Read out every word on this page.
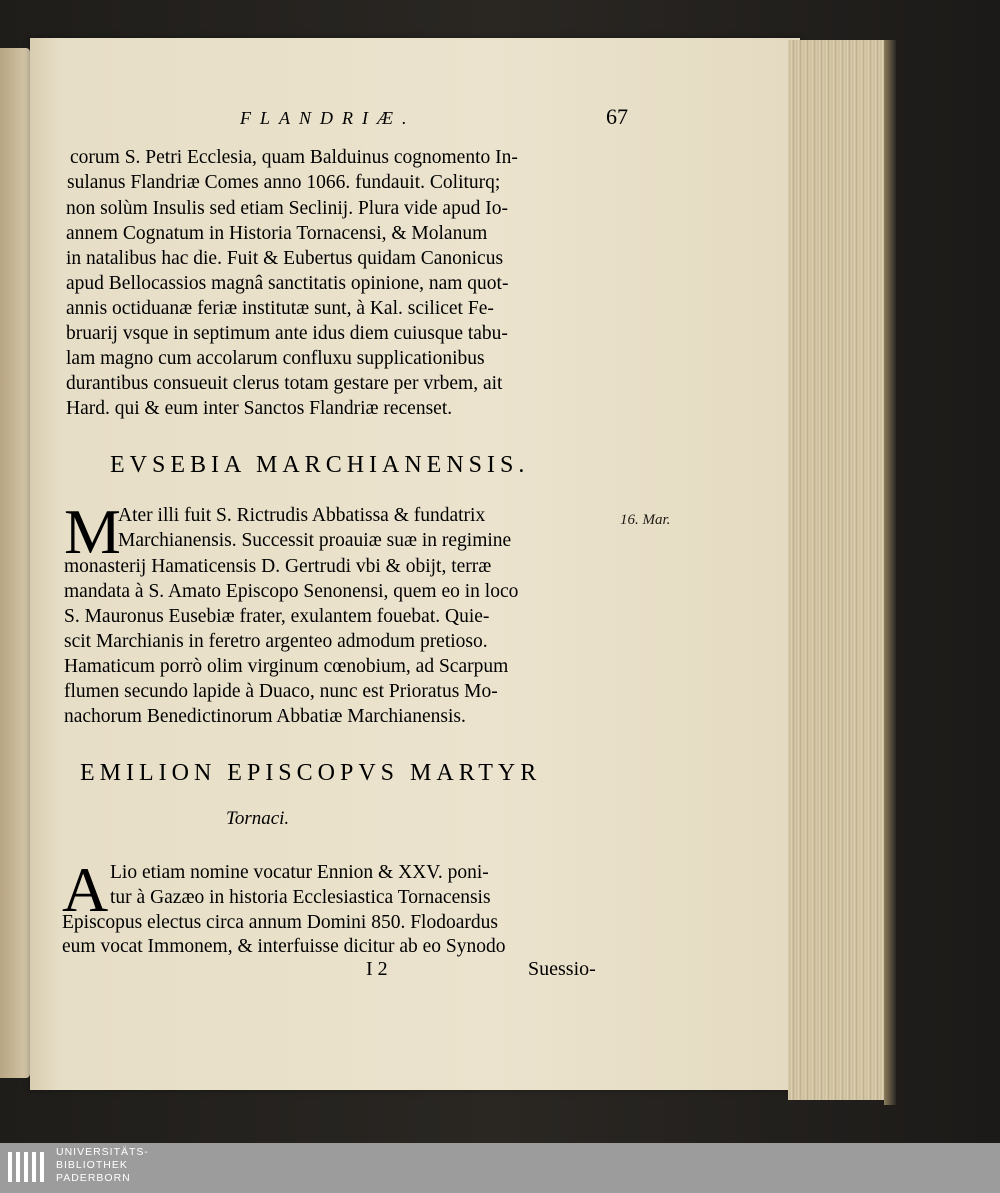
FLANDRIÆ.	67
corum S. Petri Ecclesia, quam Balduinus cognomento In-
sulanus Flandriæ Comes anno 1066. fundauit. Coliturq;
non solùm Insulis sed etiam Seclinij. Plura vide apud Io-
annem Cognatum in Historia Tornacensi, & Molanum
in natalibus hac die. Fuit & Eubertus quidam Canonicus
apud Bellocassios magnâ sanctitatis opinione, nam quot-
annis octiduanæ feriæ institutæ sunt, à Kal. scilicet Fe-
bruarij vsque in septimum ante idus diem cuiusque tabu-
lam magno cum accolarum confluxu supplicationibus
durantibus consueuit clerus totam gestare per vrbem, ait
Hard. qui & eum inter Sanctos Flandriæ recenset.
EVSEBIA MARCHIANENSIS.
M
Ater illi fuit S. Rictrudis Abbatissa & fundatrix
Marchianensis. Successit proauiæ suæ in regimine
monasterij Hamaticensis D. Gertrudi vbi & obijt, terræ
mandata à S. Amato Episcopo Senonensi, quem eo in loco
S. Mauronus Eusebiæ frater, exulantem fouebat. Quie-
scit Marchianis in feretro argenteo admodum pretioso.
Hamaticum porrò olim virginum cœnobium, ad Scarpum
flumen secundo lapide à Duaco, nunc est Prioratus Mo-
nachorum Benedictinorum Abbatiæ Marchianensis.
16. Mar.
EMILION EPISCOPVS MARTYR
Tornaci.
A Lio etiam nomine vocatur Ennion & XXV. poni-
tur à Gazæo in historia Ecclesiastica Tornacensis
Episcopus electus circa annum Domini 850. Flodoardus
eum vocat Immonem, & interfuisse dicitur ab eo Synodo
I 2	Suessio-
UNIVERSITÄTS-
BIBLIOTHEK
PADERBORN
